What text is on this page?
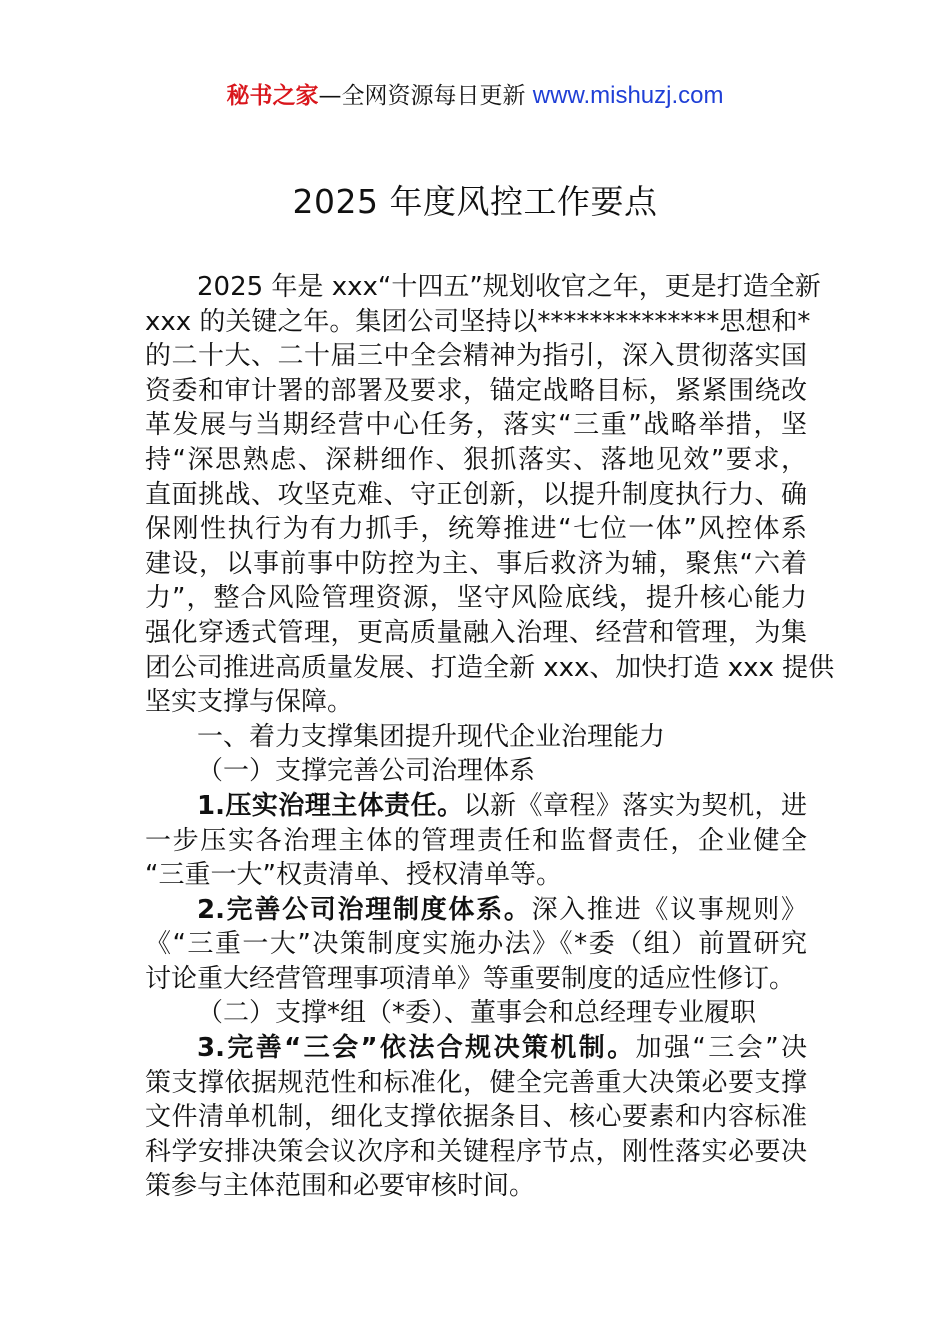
秘书之家—全网资源每日更新 www.mishuzj.com
2025 年度风控工作要点
2025 年是 xxx“十四五”规划收官之年，更是打造全新
xxx 的关键之年。集团公司坚持以**************思想和*
的二十大、二十届三中全会精神为指引，深入贯彻落实国
资委和审计署的部署及要求，锚定战略目标，紧紧围绕改
革发展与当期经营中心任务，落实“三重”战略举措，坚
持“深思熟虑、深耕细作、狠抓落实、落地见效”要求，
直面挑战、攻坚克难、守正创新，以提升制度执行力、确
保刚性执行为有力抓手，统筹推进“七位一体”风控体系
建设，以事前事中防控为主、事后救济为辅，聚焦“六着
力”，整合风险管理资源，坚守风险底线，提升核心能力
强化穿透式管理，更高质量融入治理、经营和管理，为集
团公司推进高质量发展、打造全新 xxx、加快打造 xxx 提供
坚实支撑与保障。
一、着力支撑集团提升现代企业治理能力
（一）支撑完善公司治理体系
1.压实治理主体责任。以新《章程》落实为契机，进
一步压实各治理主体的管理责任和监督责任，企业健全
“三重一大”权责清单、授权清单等。
2.完善公司治理制度体系。深入推进《议事规则》
《“三重一大”决策制度实施办法》《*委（组）前置研究
讨论重大经营管理事项清单》等重要制度的适应性修订。
（二）支撑*组（*委）、董事会和总经理专业履职
3.完善“三会”依法合规决策机制。加强“三会”决
策支撑依据规范性和标准化，健全完善重大决策必要支撑
文件清单机制，细化支撑依据条目、核心要素和内容标准
科学安排决策会议次序和关键程序节点，刚性落实必要决
策参与主体范围和必要审核时间。
